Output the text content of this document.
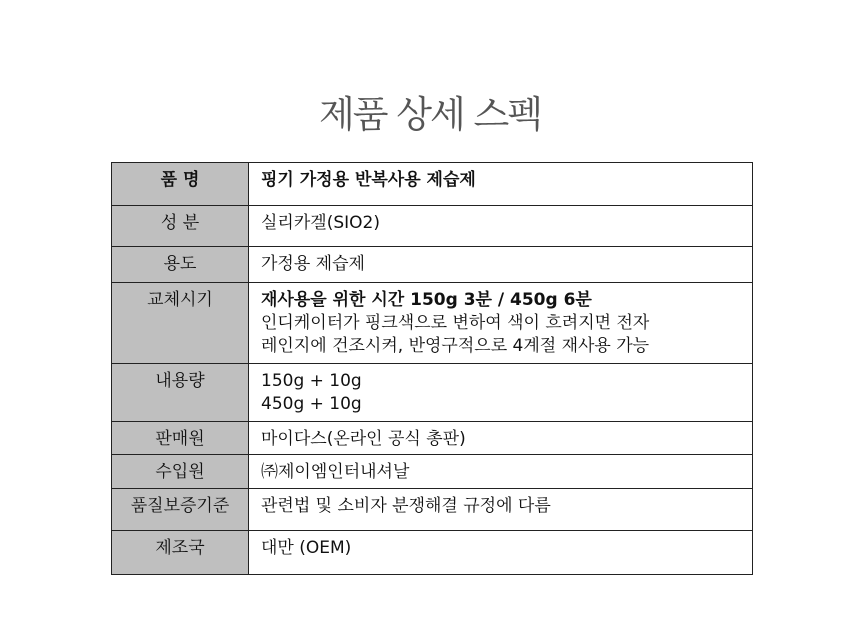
제품 상세 스펙
품 명	핑기 가정용 반복사용 제습제
성 분	실리카겔(SIO2)
용도	가정용 제습제
교체시기	재사용을 위한 시간 150g 3분 / 450g 6분
인디케이터가 핑크색으로 변하여 색이 흐려지면 전자
레인지에 건조시켜, 반영구적으로 4계절 재사용 가능

내용량	150g + 10g
450g + 10g

판매원	마이다스(온라인 공식 총판)
수입원	㈜제이엠인터내셔날
품질보증기준	관련법 및 소비자 분쟁해결 규정에 다름
제조국	대만 (OEM)
